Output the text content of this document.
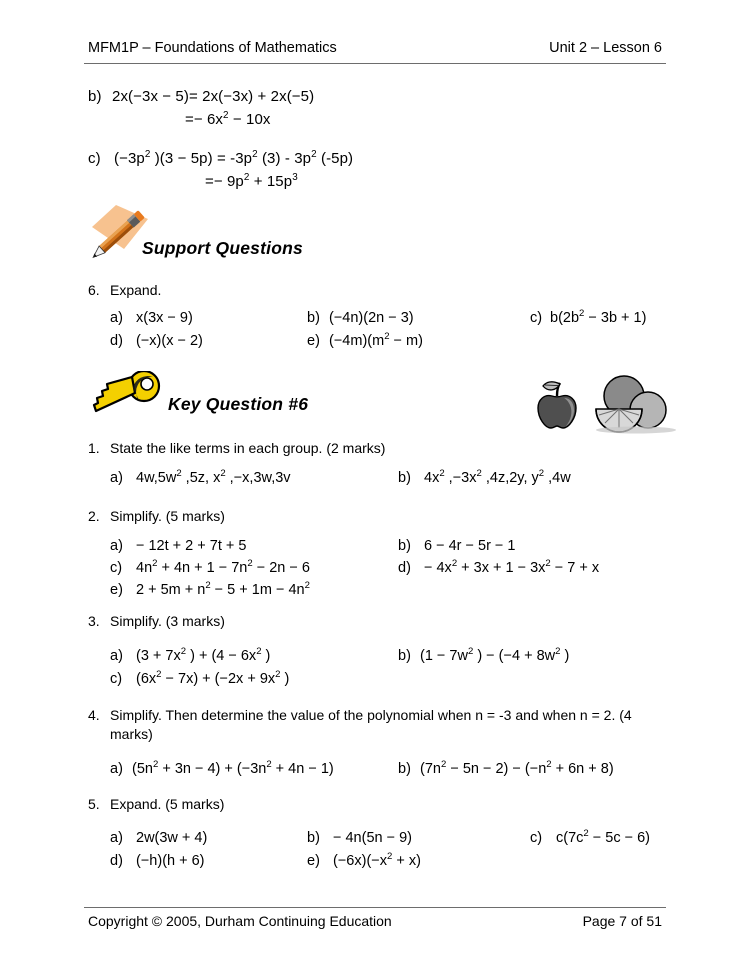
MFM1P – Foundations of Mathematics	Unit 2 – Lesson 6
b) 2x(−3x − 5)= 2x(−3x) + 2x(−5)
=− $6x^2 - 10x$
c) ($-3p^2$ )$(3 - 5p) = -3p^2$ $(3) - 3p^2$ (-5p)
=− $9p^2 + 15p^3$
Support Questions
6. Expand.
a) x(3x − 9)	b) (−4n)(2n − 3)	c) $b(2b^2 - 3b + 1)$
d) (−x)(x − 2)	e) $(-4m)(m^2 - m)$
Key Question #6
1. State the like terms in each group. (2 marks)
a) $4w,5w^2$ ,5z, $x^2$ ,−x,3w,3v	b) $4x^2$ $,-3x^2$ ,4z,2y, $y^2$ ,4w
2. Simplify. (5 marks)
a) − 12t + 2 + 7t + 5	b) 6 − 4r − 5r − 1
c) $4n^2 + 4n + 1 - 7n^2 - 2n - 6$	$d) - 4x^2 + 3x + 1 - 3x^2 - 7 + x$
e) $2 + 5m + n^2 - 5 + 1m - 4n^2$
3. Simplify. (3 marks)
a) ($3 + 7x^2$ ) + ($4 - 6x^2$ )	b) ($1 - 7w^2$ ) − ($-4 + 8w^2$ )
c) $(6x^2 - 7x) + (-2x + 9x^2$ )
4. Simplify. Then determine the value of the polynomial when n = -3 and when n = 2. (4 marks)
a) $(5n^2 + 3n - 4) + (-3n^2 + 4n - 1)$	b) $(7n^2 - 5n - 2) - (-n^2 + 6n + 8)$
5. Expand. (5 marks)
a) 2w(3w + 4)	b) − 4n(5n − 9)	c) $c(7c^2 - 5c - 6)$
d) (−h)(h + 6)	e) $(-6x)(-x^2 + x)$
Copyright © 2005, Durham Continuing Education	Page 7 of 51
